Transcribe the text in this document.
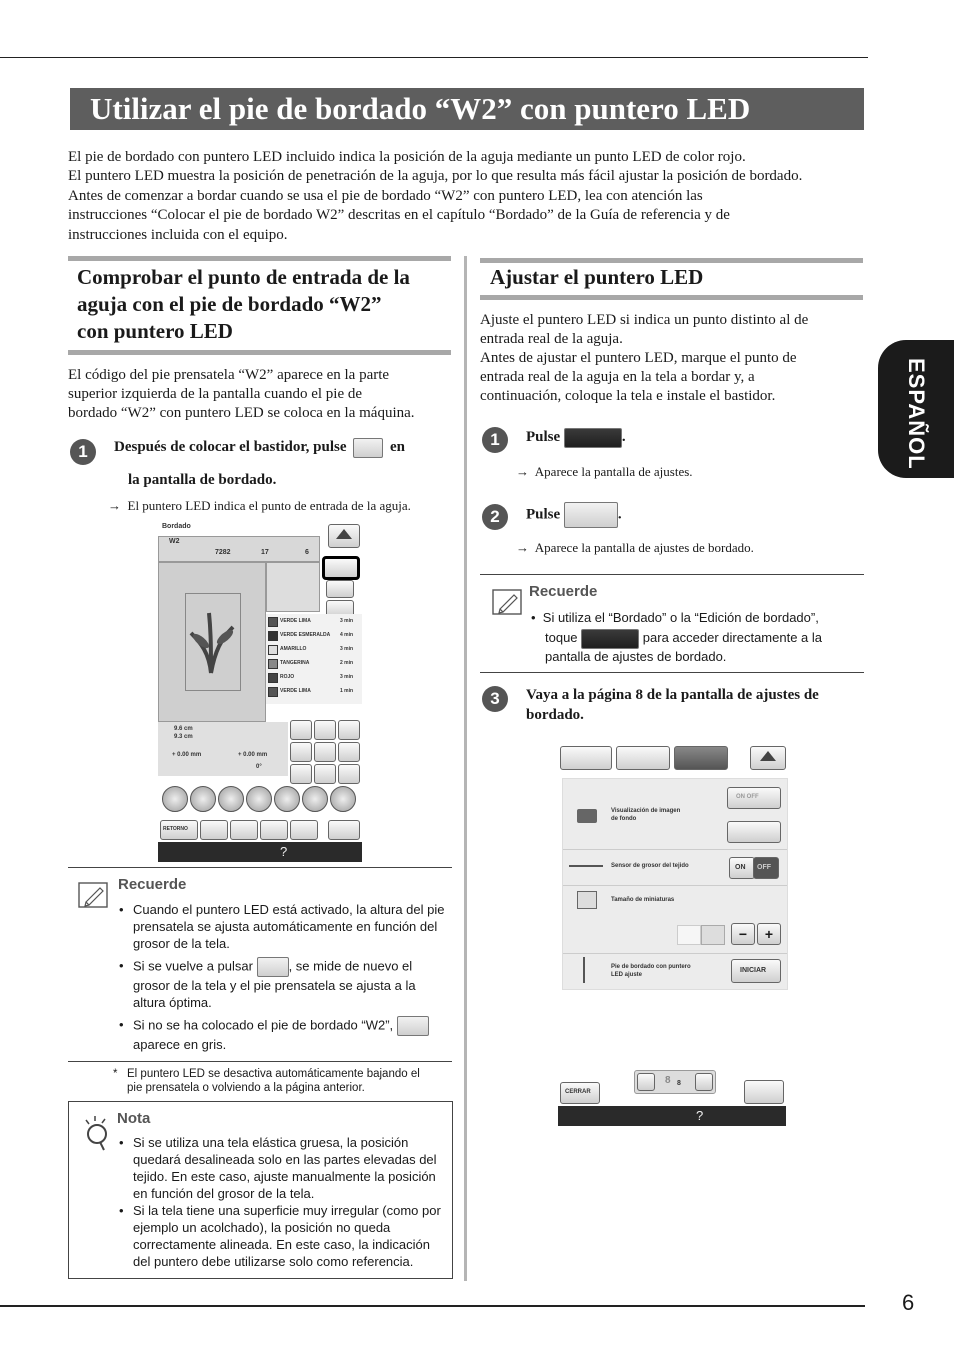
Utilizar el pie de bordado “W2” con puntero LED

El pie de bordado con puntero LED incluido indica la posición de la aguja mediante un punto LED de color rojo.

El puntero LED muestra la posición de penetración de la aguja, por lo que resulta más fácil ajustar la posición de bordado.

Antes de comenzar a bordar cuando se usa el pie de bordado “W2” con puntero LED, lea con atención las

instrucciones “Colocar el pie de bordado W2” descritas en el capítulo “Bordado” de la Guía de referencia y de

instrucciones incluida con el equipo.

ESPAÑOL
Comprobar el punto de entrada de la
aguja con el pie de bordado “W2”
con puntero LED
El código del pie prensatela “W2” aparece en la parte
superior izquierda de la pantalla cuando el pie de
bordado “W2” con puntero LED se coloca en la máquina.
1	Después de colocar el bastidor, pulse	en
la pantalla de bordado.
→ El puntero LED indica el punto de entrada de la aguja.
Bordado
W2
7282	17	6
VERDE LIMA	3 min
VERDE ESMERALDA 4 min
AMARILLO	3 min
TANGERINA	2 min
ROJO	3 min
VERDE LIMA	1 min
9.6 cm
9.3 cm
+ 0.00 mm	+ 0.00 mm
0°
RETORNO
?
Recuerde
• Cuando el puntero LED está activado, la altura del pie prensatela se ajusta automáticamente en función del grosor de la tela.
• Si se vuelve a pulsar	, se mide de nuevo el
grosor de la tela y el pie prensatela se ajusta a la altura óptima.
• Si no se ha colocado el pie de bordado “W2”,
aparece en gris.
* El puntero LED se desactiva automáticamente bajando el
pie prensatela o volviendo a la página anterior.
Nota
• Si se utiliza una tela elástica gruesa, la posición quedará desalineada solo en las partes elevadas del tejido. En este caso, ajuste manualmente la posición en función del grosor de la tela.
• Si la tela tiene una superficie muy irregular (como por ejemplo un acolchado), la posición no queda correctamente alineada. En este caso, la indicación del puntero debe utilizarse solo como referencia.
Ajustar el puntero LED
Ajuste el puntero LED si indica un punto distinto al de
entrada real de la aguja.
Antes de ajustar el puntero LED, marque el punto de
entrada real de la aguja en la tela a bordar y, a
continuación, coloque la tela e instale el bastidor.
1	Pulse	.
→ Aparece la pantalla de ajustes.
2	Pulse	.
→ Aparece la pantalla de ajustes de bordado.
Recuerde
•  Si utiliza el “Bordado” o la “Edición de bordado”,
toque	para acceder directamente a la
pantalla de ajustes de bordado.
3	Vaya a la página 8 de la pantalla de ajustes de
bordado.
Visualización de imagen de fondo
ON OFF
Sensor de grosor del tejido	ON OFF
Tamaño de miniaturas
−	+
Pie de bordado con puntero LED ajuste
INICIAR
CERRAR
8 8
?
6
